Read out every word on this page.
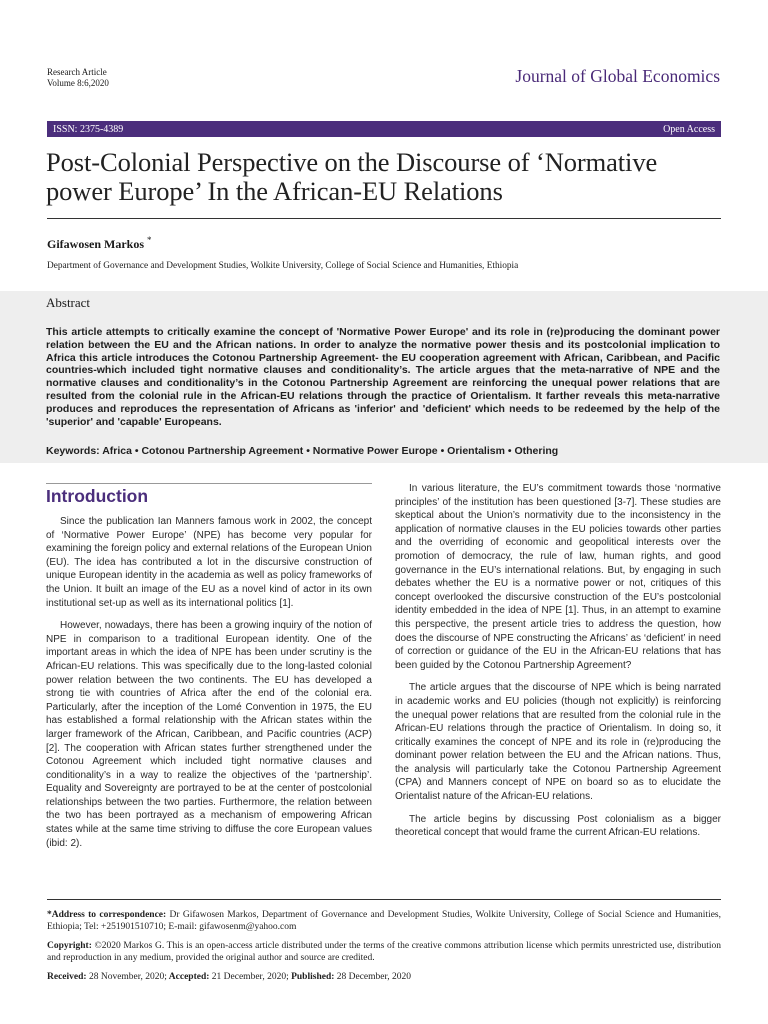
Research Article
Volume 8:6,2020	Journal of Global Economics
ISSN: 2375-4389	Open Access
Post-Colonial Perspective on the Discourse of ‘Normative power Europe’ In the African-EU Relations
Gifawosen Markos *
Department of Governance and Development Studies, Wolkite University, College of Social Science and Humanities, Ethiopia
Abstract
This article attempts to critically examine the concept of 'Normative Power Europe' and its role in (re)producing the dominant power relation between the EU and the African nations. In order to analyze the normative power thesis and its postcolonial implication to Africa this article introduces the Cotonou Partnership Agreement- the EU cooperation agreement with African, Caribbean, and Pacific countries-which included tight normative clauses and conditionality’s. The article argues that the meta-narrative of NPE and the normative clauses and conditionality’s in the Cotonou Partnership Agreement are reinforcing the unequal power relations that are resulted from the colonial rule in the African-EU relations through the practice of Orientalism. It farther reveals this meta-narrative produces and reproduces the representation of Africans as 'inferior' and 'deficient' which needs to be redeemed by the help of the 'superior' and 'capable' Europeans.
Keywords: Africa • Cotonou Partnership Agreement • Normative Power Europe • Orientalism • Othering
Introduction

Since the publication Ian Manners famous work in 2002, the concept of ‘Normative Power Europe’ (NPE) has become very popular for examining the foreign policy and external relations of the European Union (EU). The idea has contributed a lot in the discursive construction of unique European identity in the academia as well as policy frameworks of the Union. It built an image of the EU as a novel kind of actor in its own institutional set-up as well as its international politics [1].

However, nowadays, there has been a growing inquiry of the notion of NPE in comparison to a traditional European identity. One of the important areas in which the idea of NPE has been under scrutiny is the African-EU relations. This was specifically due to the long-lasted colonial power relation between the two continents. The EU has developed a strong tie with countries of Africa after the end of the colonial era. Particularly, after the inception of the Lomé Convention in 1975, the EU has established a formal relationship with the African states within the larger framework of the African, Caribbean, and Pacific countries (ACP) [2]. The cooperation with African states further strengthened under the Cotonou Agreement which included tight normative clauses and conditionality’s in a way to realize the objectives of the ‘partnership’. Equality and Sovereignty are portrayed to be at the center of postcolonial relationships between the two parties. Furthermore, the relation between the two has been portrayed as a mechanism of empowering African states while at the same time striving to diffuse the core European values (ibid: 2).

In various literature, the EU’s commitment towards those ‘normative principles’ of the institution has been questioned [3-7]. These studies are skeptical about the Union’s normativity due to the inconsistency in the application of normative clauses in the EU policies towards other parties and the overriding of economic and geopolitical interests over the promotion of democracy, the rule of law, human rights, and good governance in the EU’s international relations. But, by engaging in such debates whether the EU is a normative power or not, critiques of this concept overlooked the discursive construction of the EU’s postcolonial identity embedded in the idea of NPE [1]. Thus, in an attempt to examine this perspective, the present article tries to address the question, how does the discourse of NPE constructing the Africans’ as ‘deficient’ in need of correction or guidance of the EU in the African-EU relations that has been guided by the Cotonou Partnership Agreement?

The article argues that the discourse of NPE which is being narrated in academic works and EU policies (though not explicitly) is reinforcing the unequal power relations that are resulted from the colonial rule in the African-EU relations through the practice of Orientalism. In doing so, it critically examines the concept of NPE and its role in (re)producing the dominant power relation between the EU and the African nations. Thus, the analysis will particularly take the Cotonou Partnership Agreement (CPA) and Manners concept of NPE on board so as to elucidate the Orientalist nature of the African-EU relations.

The article begins by discussing Post colonialism as a bigger theoretical concept that would frame the current African-EU relations.

*Address to correspondence: Dr Gifawosen Markos, Department of Governance and Development Studies, Wolkite University, College of Social Science and Humanities, Ethiopia; Tel: +251901510710; E-mail: gifawosenm@yahoo.com
Copyright: ©2020 Markos G. This is an open-access article distributed under the terms of the creative commons attribution license which permits unrestricted use, distribution and reproduction in any medium, provided the original author and source are credited.
Received: 28 November, 2020; Accepted: 21 December, 2020; Published: 28 December, 2020
